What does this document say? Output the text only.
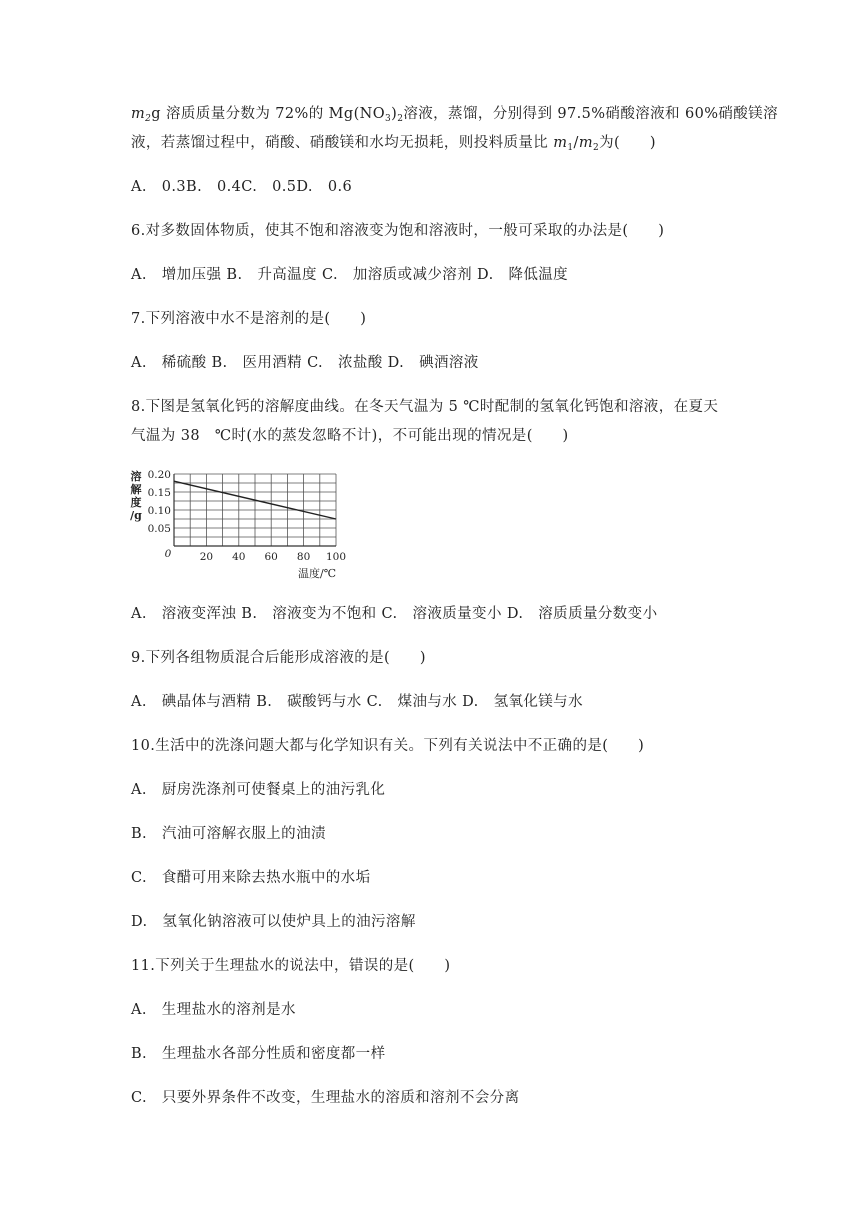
$m_2g$ 溶质质量分数为 72%的 $Mg(NO_3)_2$溶液，蒸馏，分别得到 97.5%硝酸溶液和 60%硝酸镁溶
液，若蒸馏过程中，硝酸、硝酸镁和水均无损耗，则投料质量比 $m_1/m_2$为(　　)
A.　0.3B.　0.4C.　0.5D.　0.6
6.对多数固体物质，使其不饱和溶液变为饱和溶液时，一般可采取的办法是(　　)
A.　增加压强 B.　升高温度 C.　加溶质或减少溶剂 D.　降低温度
7.下列溶液中水不是溶剂的是(　　)
A.　稀硫酸 B.　医用酒精 C.　浓盐酸 D.　碘酒溶液
8.下图是氢氧化钙的溶解度曲线。在冬天气温为 5 ℃时配制的氢氧化钙饱和溶液，在夏天
气温为 38　℃时(水的蒸发忽略不计)，不可能出现的情况是(　　)
溶
解
度
/g
0.05
0.10
0.15
0.20
0	20 40 60 80 100
温度/℃
A.　溶液变浑浊 B.　溶液变为不饱和 C.　溶液质量变小 D.　溶质质量分数变小
9.下列各组物质混合后能形成溶液的是(　　)
A.　碘晶体与酒精 B.　碳酸钙与水 C.　煤油与水 D.　氢氧化镁与水
10.生活中的洗涤问题大都与化学知识有关。下列有关说法中不正确的是(　　)
A.　厨房洗涤剂可使餐桌上的油污乳化
B.　汽油可溶解衣服上的油渍
C.　食醋可用来除去热水瓶中的水垢
D.　氢氧化钠溶液可以使炉具上的油污溶解
11.下列关于生理盐水的说法中，错误的是(　　)
A.　生理盐水的溶剂是水
B.　生理盐水各部分性质和密度都一样
C.　只要外界条件不改变，生理盐水的溶质和溶剂不会分离
